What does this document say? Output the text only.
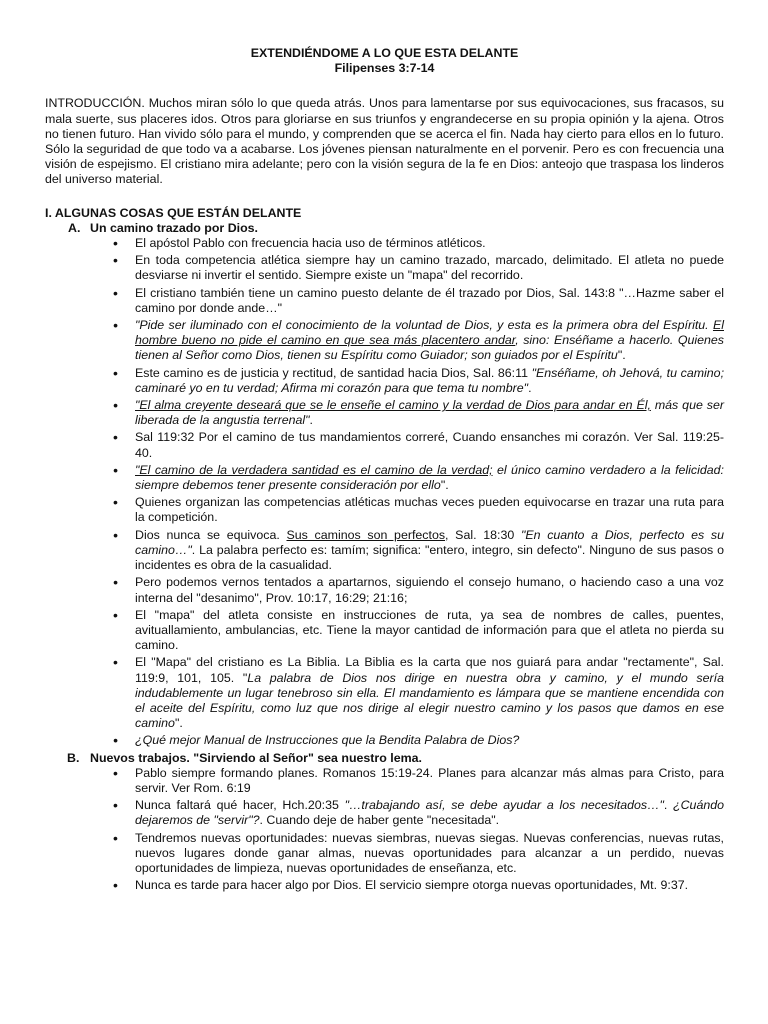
EXTENDIÉNDOME A LO QUE ESTA DELANTE

Filipenses 3:7-14

INTRODUCCIÓN. Muchos miran sólo lo que queda atrás. Unos para lamentarse por sus equivocaciones, sus fracasos, su mala suerte, sus placeres idos. Otros para gloriarse en sus triunfos y engrandecerse en su propia opinión y la ajena. Otros no tienen futuro. Han vivido sólo para el mundo, y comprenden que se acerca el fin. Nada hay cierto para ellos en lo futuro. Sólo la seguridad de que todo va a acabarse. Los jóvenes piensan naturalmente en el porvenir. Pero es con frecuencia una visión de espejismo. El cristiano mira adelante; pero con la visión segura de la fe en Dios: anteojo que traspasa los linderos del universo material.

I. ALGUNAS COSAS QUE ESTÁN DELANTE

A. Un camino trazado por Dios.
• El apóstol Pablo con frecuencia hacia uso de términos atléticos.
• En toda competencia atlética siempre hay un camino trazado, marcado, delimitado. El atleta no puede desviarse ni invertir el sentido. Siempre existe un "mapa" del recorrido.
• El cristiano también tiene un camino puesto delante de él trazado por Dios, Sal. 143:8 "…Hazme saber el camino por donde ande…"
• "Pide ser iluminado con el conocimiento de la voluntad de Dios, y esta es la primera obra del Espíritu. El hombre bueno no pide el camino en que sea más placentero andar, sino: Enséñame a hacerlo. Quienes tienen al Señor como Dios, tienen su Espíritu como Guiador; son guiados por el Espíritu".
• Este camino es de justicia y rectitud, de santidad hacia Dios, Sal. 86:11 "Enséñame, oh Jehová, tu camino; caminaré yo en tu verdad; Afirma mi corazón para que tema tu nombre".
• "El alma creyente deseará que se le enseñe el camino y la verdad de Dios para andar en Él, más que ser liberada de la angustia terrenal".
• Sal 119:32 Por el camino de tus mandamientos correré, Cuando ensanches mi corazón. Ver Sal. 119:25-40.
• "El camino de la verdadera santidad es el camino de la verdad; el único camino verdadero a la felicidad: siempre debemos tener presente consideración por ello".
• Quienes organizan las competencias atléticas muchas veces pueden equivocarse en trazar una ruta para la competición.
• Dios nunca se equivoca. Sus caminos son perfectos, Sal. 18:30 "En cuanto a Dios, perfecto es su camino…". La palabra perfecto es: tamím; significa: "entero, integro, sin defecto". Ninguno de sus pasos o incidentes es obra de la casualidad.
• Pero podemos vernos tentados a apartarnos, siguiendo el consejo humano, o haciendo caso a una voz interna del "desanimo", Prov. 10:17, 16:29; 21:16;
• El "mapa" del atleta consiste en instrucciones de ruta, ya sea de nombres de calles, puentes, avituallamiento, ambulancias, etc. Tiene la mayor cantidad de información para que el atleta no pierda su camino.
• El "Mapa" del cristiano es La Biblia. La Biblia es la carta que nos guiará para andar "rectamente", Sal. 119:9, 101, 105. "La palabra de Dios nos dirige en nuestra obra y camino, y el mundo sería indudablemente un lugar tenebroso sin ella. El mandamiento es lámpara que se mantiene encendida con el aceite del Espíritu, como luz que nos dirige al elegir nuestro camino y los pasos que damos en ese camino".
• ¿Qué mejor Manual de Instrucciones que la Bendita Palabra de Dios?
B. Nuevos trabajos. "Sirviendo al Señor" sea nuestro lema.
• Pablo siempre formando planes. Romanos 15:19-24. Planes para alcanzar más almas para Cristo, para servir. Ver Rom. 6:19
• Nunca faltará qué hacer, Hch.20:35 "…trabajando así, se debe ayudar a los necesitados…". ¿Cuándo dejaremos de "servir"?. Cuando deje de haber gente "necesitada".
• Tendremos nuevas oportunidades: nuevas siembras, nuevas siegas. Nuevas conferencias, nuevas rutas, nuevos lugares donde ganar almas, nuevas oportunidades para alcanzar a un perdido, nuevas oportunidades de limpieza, nuevas oportunidades de enseñanza, etc.
• Nunca es tarde para hacer algo por Dios. El servicio siempre otorga nuevas oportunidades, Mt. 9:37.
